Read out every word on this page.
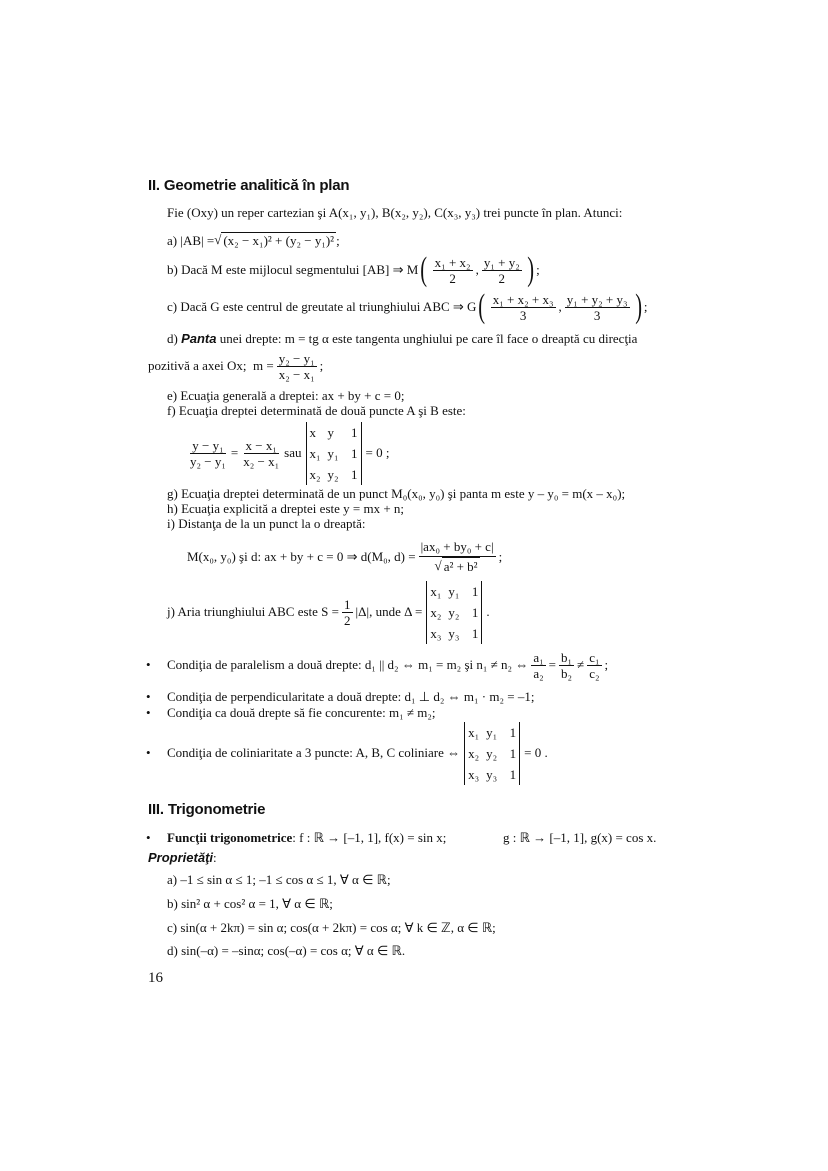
II. Geometrie analitică în plan
Fie (Oxy) un reper cartezian şi A(x₁, y₁), B(x₂, y₂), C(x₃, y₃) trei puncte în plan. Atunci:
a) |AB| = √ (x₂ − x₁)² + (y₂ − y₁)² ;
b) Dacă M este mijlocul segmentului [AB] ⇒ M ( $\frac{\text{x₁ + x₂}}{2}$ , $\frac{\text{y₁ + y₂}}{2}$ ) ;
c) Dacă G este centrul de greutate al triunghiului ABC ⇒ G ( $\frac{\text{x₁ + x₂ + x₃}}{3}$ , $\frac{\text{y₁ + y₂ + y₃}}{3}$ ) ;
d) Panta unei drepte: m = tg α este tangenta unghiului pe care îl face o dreaptă cu direcţia
pozitivă a axei Ox;  $m = \frac{\text{y₂ − y₁}}{\text{x₂ − x₁}}$ ;
e) Ecuaţia generală a dreptei: ax + by + c = 0;
f) Ecuaţia dreptei determinată de două puncte A şi B este:
$\frac{\text{y − y₁}}{\text{y₂ − y₁}} = \frac{\text{x − x₁}}{\text{x₂ − x₁}}$ sau
x y	1
x₁ y₁ 1
x₂ y₂ 1
= 0 ;
g) Ecuaţia dreptei determinată de un punct M₀(x₀, y₀) şi panta m este y – y₀ = m(x – x₀);
h) Ecuaţia explicită a dreptei este y = mx + n;
i) Distanţa de la un punct la o dreaptă:
M(x₀, y₀) şi d: ax + by + c = 0 ⇒ d(M₀, $d) = \frac{\text{|ax₀ + by₀ + c|}}{\text{√ a² + b²}}$ ;
j) Aria triunghiului ABC este $S = \frac{1}{2} |\Delta|$, unde Δ =
x₁ y₁ 1
x₂ y₂ 1
x₃ y₃ 1
.
• Condiţia de paralelism a două drepte: d₁ || d₂ ⇔ m₁ = m₂ şi n₁ ≠ n₂ ⇔ $\frac{\text{a₁}}{\text{a₂}} = \frac{\text{b₁}}{\text{b₂}} \ne \frac{\text{c₁}}{\text{c₂}}$ ;
• Condiţia de perpendicularitate a două drepte: d₁ ⊥ d₂ ⇔ m₁ · m₂ = –1;
• Condiţia ca două drepte să fie concurente: m₁ ≠ m₂;
• Condiţia de coliniaritate a 3 puncte: A, B, C coliniare ⇔
x₁ y₁ 1
x₂ y₂ 1
x₃ y₃ 1
= 0 .
III. Trigonometrie
• Funcţii trigonometrice : f : ℝ → [–1, 1], f(x) = sin x;	g : ℝ → [–1, 1], g(x) = cos x.
Proprietăţi :
a) –1 ≤ sin α ≤ 1; –1 ≤ cos α ≤ 1, ∀ α ∈ ℝ;
b) sin² α + cos² α = 1, ∀ α ∈ ℝ;
c) sin(α + 2kπ) = sin α; cos(α + 2kπ) = cos α; ∀ k ∈ ℤ, α ∈ ℝ;
d) sin(–α) = –sinα; cos(–α) = cos α; ∀ α ∈ ℝ.
16
